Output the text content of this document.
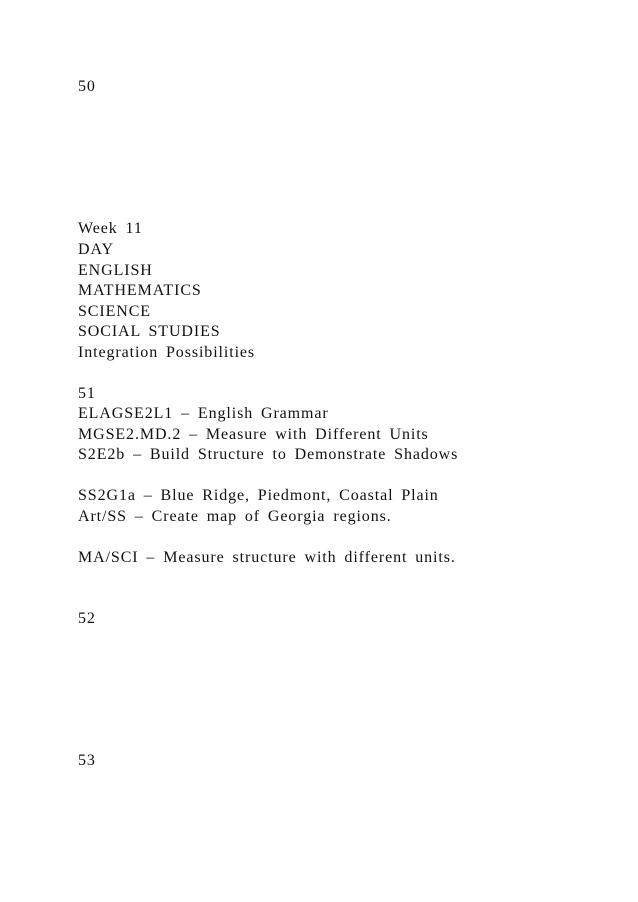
50

Week 11

DAY

ENGLISH

MATHEMATICS

SCIENCE

SOCIAL STUDIES

Integration Possibilities

51

ELAGSE2L1 – English Grammar

MGSE2.MD.2 – Measure with Different Units

S2E2b – Build Structure to Demonstrate Shadows

SS2G1a – Blue Ridge, Piedmont, Coastal Plain

Art/SS – Create map of Georgia regions.

MA/SCI – Measure structure with different units.

52

53
